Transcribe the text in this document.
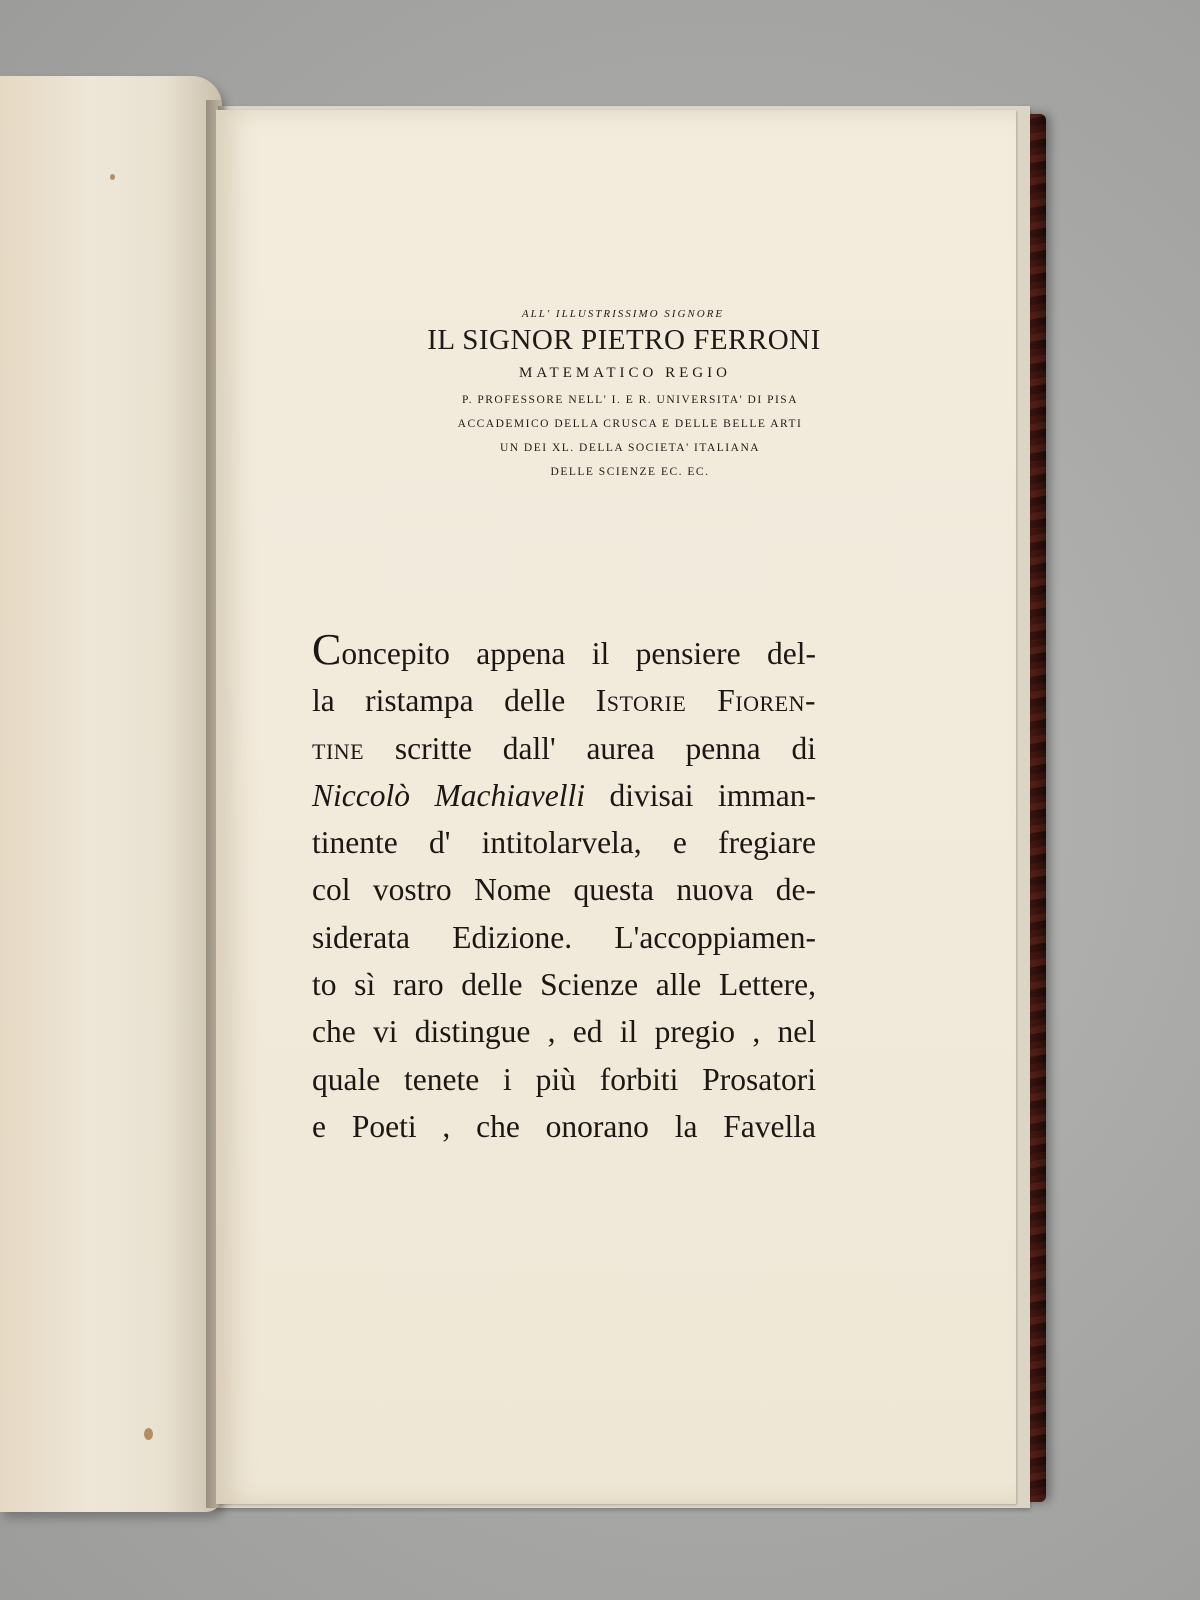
ALL' ILLUSTRISSIMO SIGNORE
IL SIGNOR PIETRO FERRONI
MATEMATICO REGIO
P. PROFESSORE NELL' I. E R. UNIVERSITA' DI PISA
ACCADEMICO DELLA CRUSCA E DELLE BELLE ARTI
UN DEI XL. DELLA SOCIETA' ITALIANA
DELLE SCIENZE EC. EC.
Concepito appena il pensiere del-
la ristampa delle Istorie Fioren-
tine scritte dall' aurea penna di
Niccolò Machiavelli divisai imman-
tinente d' intitolarvela, e fregiare
col vostro Nome questa nuova de-
siderata Edizione. L'accoppiamen-
to sì raro delle Scienze alle Lettere,
che vi distingue , ed il pregio , nel
quale tenete i più forbiti Prosatori
e Poeti , che onorano la Favella
